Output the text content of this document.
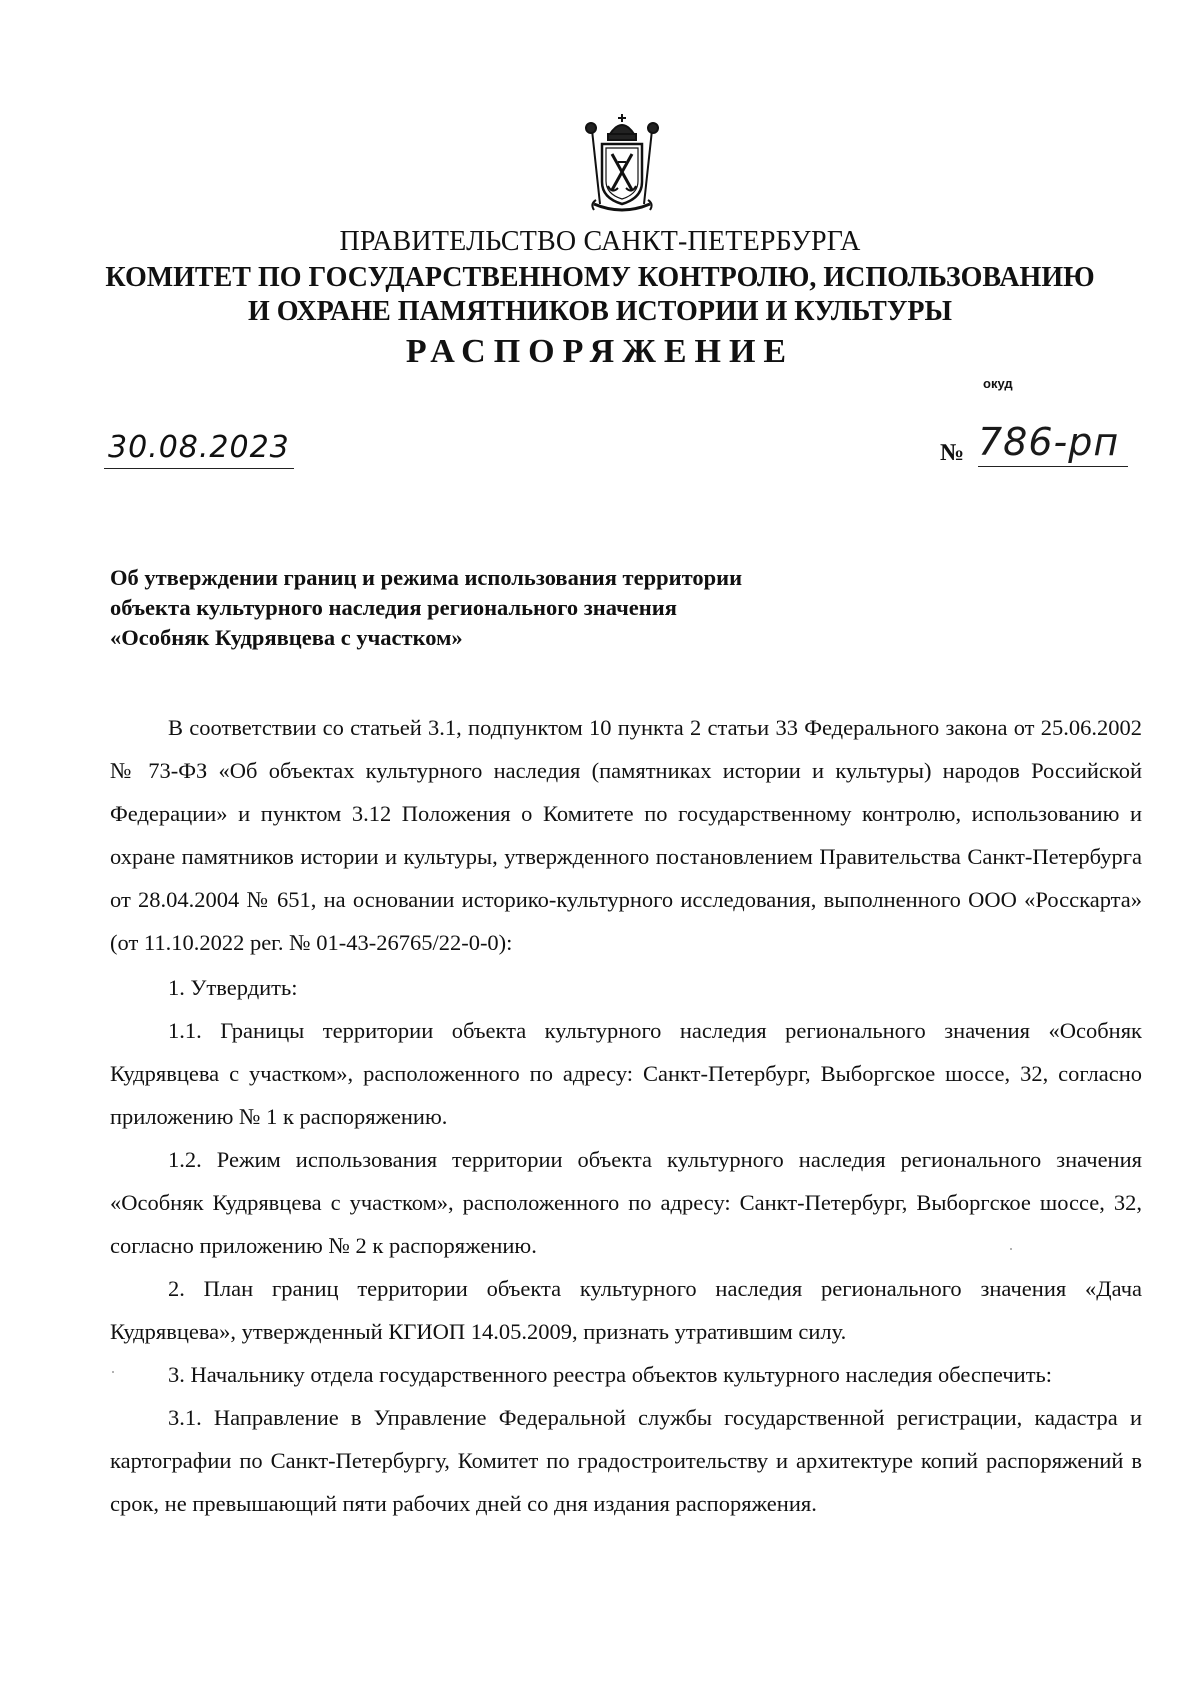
ПРАВИТЕЛЬСТВО САНКТ-ПЕТЕРБУРГА
КОМИТЕТ ПО ГОСУДАРСТВЕННОМУ КОНТРОЛЮ, ИСПОЛЬЗОВАНИЮ
И ОХРАНЕ ПАМЯТНИКОВ ИСТОРИИ И КУЛЬТУРЫ
РАСПОРЯЖЕНИЕ
окуд
30.08.2023	№ 786-рп
Об утверждении границ и режима использования территории
объекта культурного наследия регионального значения
«Особняк Кудрявцева с участком»
В соответствии со статьей 3.1, подпунктом 10 пункта 2 статьи 33 Федерального закона от 25.06.2002 № 73-ФЗ «Об объектах культурного наследия (памятниках истории и культуры) народов Российской Федерации» и пунктом 3.12 Положения о Комитете по государственному контролю, использованию и охране памятников истории и культуры, утвержденного постановлением Правительства Санкт-Петербурга от 28.04.2004 № 651, на основании историко-культурного исследования, выполненного ООО «Росскарта» (от 11.10.2022 рег. № 01-43-26765/22-0-0):
1. Утвердить:
1.1. Границы территории объекта культурного наследия регионального значения «Особняк Кудрявцева с участком», расположенного по адресу: Санкт-Петербург, Выборгское шоссе, 32, согласно приложению № 1 к распоряжению.
1.2. Режим использования территории объекта культурного наследия регионального значения «Особняк Кудрявцева с участком», расположенного по адресу: Санкт-Петербург, Выборгское шоссе, 32, согласно приложению № 2 к распоряжению.
2. План границ территории объекта культурного наследия регионального значения «Дача Кудрявцева», утвержденный КГИОП 14.05.2009, признать утратившим силу.
3. Начальнику отдела государственного реестра объектов культурного наследия обеспечить:
3.1. Направление в Управление Федеральной службы государственной регистрации, кадастра и картографии по Санкт-Петербургу, Комитет по градостроительству и архитектуре копий распоряжений в срок, не превышающий пяти рабочих дней со дня издания распоряжения.
